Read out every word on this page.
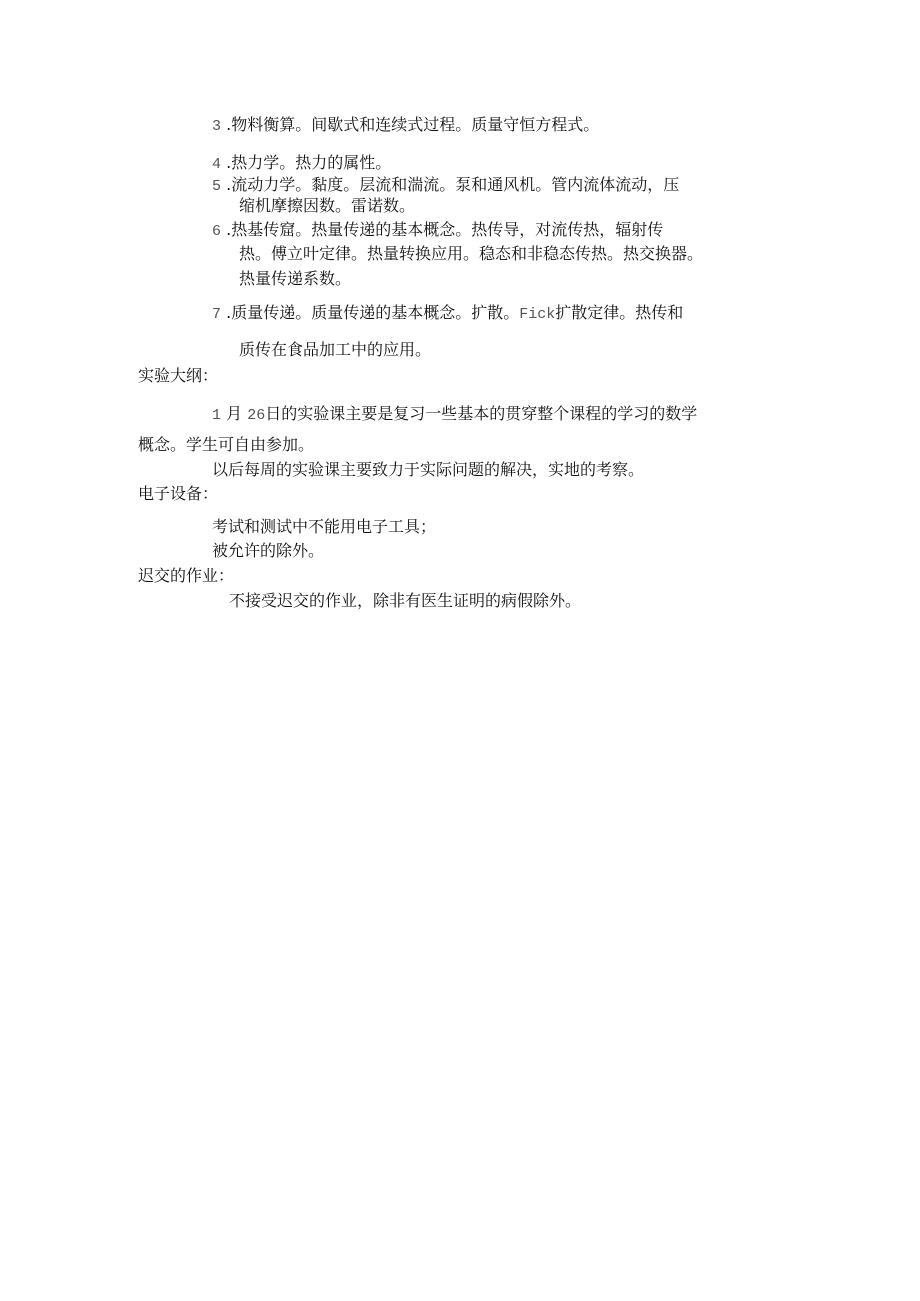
3 .物料衡算。间歇式和连续式过程。质量守恒方程式。
4 .热力学。热力的属性。
5 .流动力学。黏度。层流和湍流。泵和通风机。管内流体流动，压
缩机摩擦因数。雷诺数。
6 .热基传窟。热量传递的基本概念。热传导，对流传热，辐射传
热。傅立叶定律。热量转换应用。稳态和非稳态传热。热交换器。
热量传递系数。
7 .质量传递。质量传递的基本概念。扩散。Fick扩散定律。热传和
质传在食品加工中的应用。
实验大纲：
1 月 26日的实验课主要是复习一些基本的贯穿整个课程的学习的数学
概念。学生可自由参加。
以后每周的实验课主要致力于实际问题的解决，实地的考察。
电子设备：
考试和测试中不能用电子工具；
被允许的除外。
迟交的作业：
不接受迟交的作业，除非有医生证明的病假除外。
